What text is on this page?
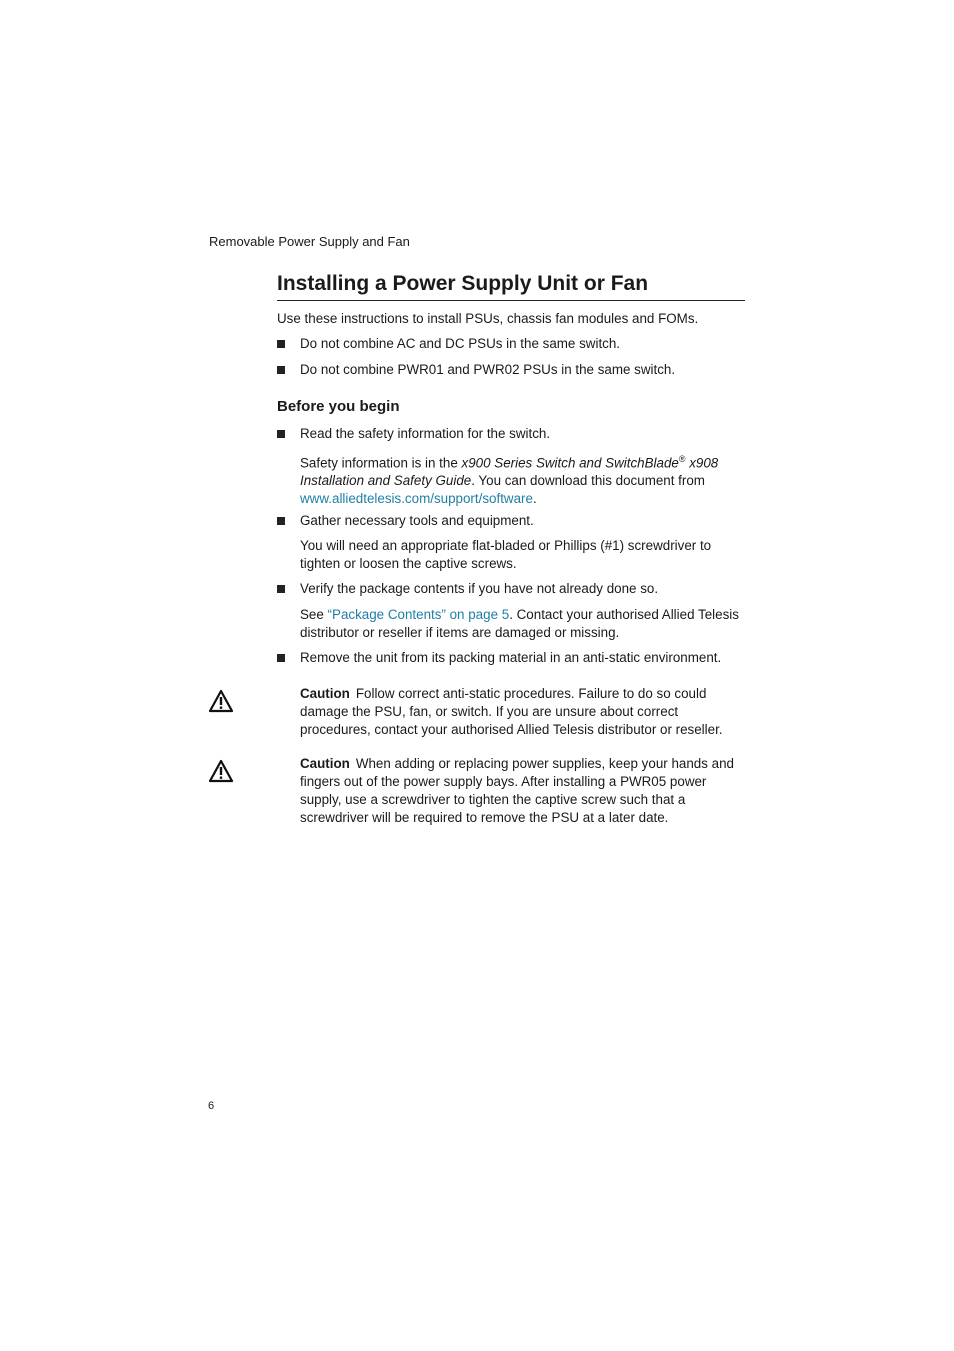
Removable Power Supply and Fan
Installing a Power Supply Unit or Fan

Use these instructions to install PSUs, chassis fan modules and FOMs.

Do not combine AC and DC PSUs in the same switch.
Do not combine PWR01 and PWR02 PSUs in the same switch.
Before you begin
Read the safety information for the switch.

Safety information is in the x900 Series Switch and SwitchBlade® x908 Installation and Safety Guide. You can download this document from www.alliedtelesis.com/support/software.

Gather necessary tools and equipment.

You will need an appropriate flat-bladed or Phillips (#1) screwdriver to tighten or loosen the captive screws.

Verify the package contents if you have not already done so.

See “Package Contents” on page 5. Contact your authorised Allied Telesis distributor or reseller if items are damaged or missing.

Remove the unit from its packing material in an anti-static environment.

Caution Follow correct anti-static procedures. Failure to do so could damage the PSU, fan, or switch. If you are unsure about correct procedures, contact your authorised Allied Telesis distributor or reseller.

Caution When adding or replacing power supplies, keep your hands and fingers out of the power supply bays. After installing a PWR05 power supply, use a screwdriver to tighten the captive screw such that a screwdriver will be required to remove the PSU at a later date.

6
